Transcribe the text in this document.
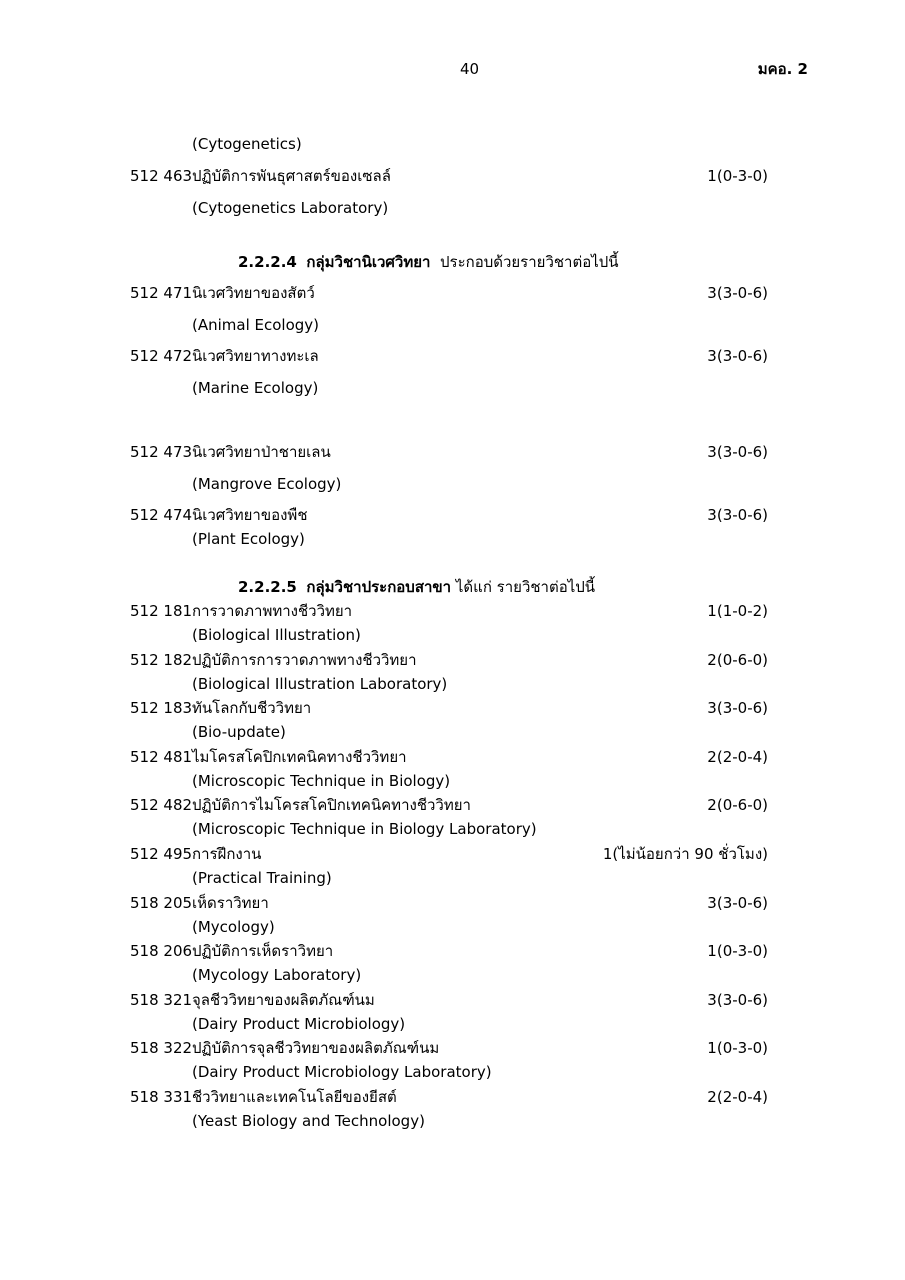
40	มคอ. 2
(Cytogenetics)
512 463 ปฏิบัติการพันธุศาสตร์ของเซลล์	1(0-3-0)
(Cytogenetics Laboratory)
2.2.2.4 กลุ่มวิชานิเวศวิทยา ประกอบด้วยรายวิชาต่อไปนี้
512 471 นิเวศวิทยาของสัตว์	3(3-0-6)
(Animal Ecology)
512 472 นิเวศวิทยาทางทะเล	3(3-0-6)
(Marine Ecology)
512 473 นิเวศวิทยาป่าชายเลน	3(3-0-6)
(Mangrove Ecology)
512 474 นิเวศวิทยาของพืช	3(3-0-6)
(Plant Ecology)
2.2.2.5 กลุ่มวิชาประกอบสาขา ได้แก่ รายวิชาต่อไปนี้
512 181 การวาดภาพทางชีววิทยา	1(1-0-2)
(Biological Illustration)
512 182 ปฏิบัติการการวาดภาพทางชีววิทยา	2(0-6-0)
(Biological Illustration Laboratory)
512 183 ทันโลกกับชีววิทยา	3(3-0-6)
(Bio-update)
512 481 ไมโครสโคปิกเทคนิคทางชีววิทยา	2(2-0-4)
(Microscopic Technique in Biology)
512 482 ปฏิบัติการไมโครสโคปิกเทคนิคทางชีววิทยา	2(0-6-0)
(Microscopic Technique in Biology Laboratory)
512 495 การฝึกงาน	1(ไม่น้อยกว่า 90 ชั่วโมง)
(Practical Training)
518 205 เห็ดราวิทยา	3(3-0-6)
(Mycology)
518 206 ปฏิบัติการเห็ดราวิทยา	1(0-3-0)
(Mycology Laboratory)
518 321 จุลชีววิทยาของผลิตภัณฑ์นม	3(3-0-6)
(Dairy Product Microbiology)
518 322 ปฏิบัติการจุลชีววิทยาของผลิตภัณฑ์นม	1(0-3-0)
(Dairy Product Microbiology Laboratory)
518 331 ชีววิทยาและเทคโนโลยีของยีสต์	2(2-0-4)
(Yeast Biology and Technology)
